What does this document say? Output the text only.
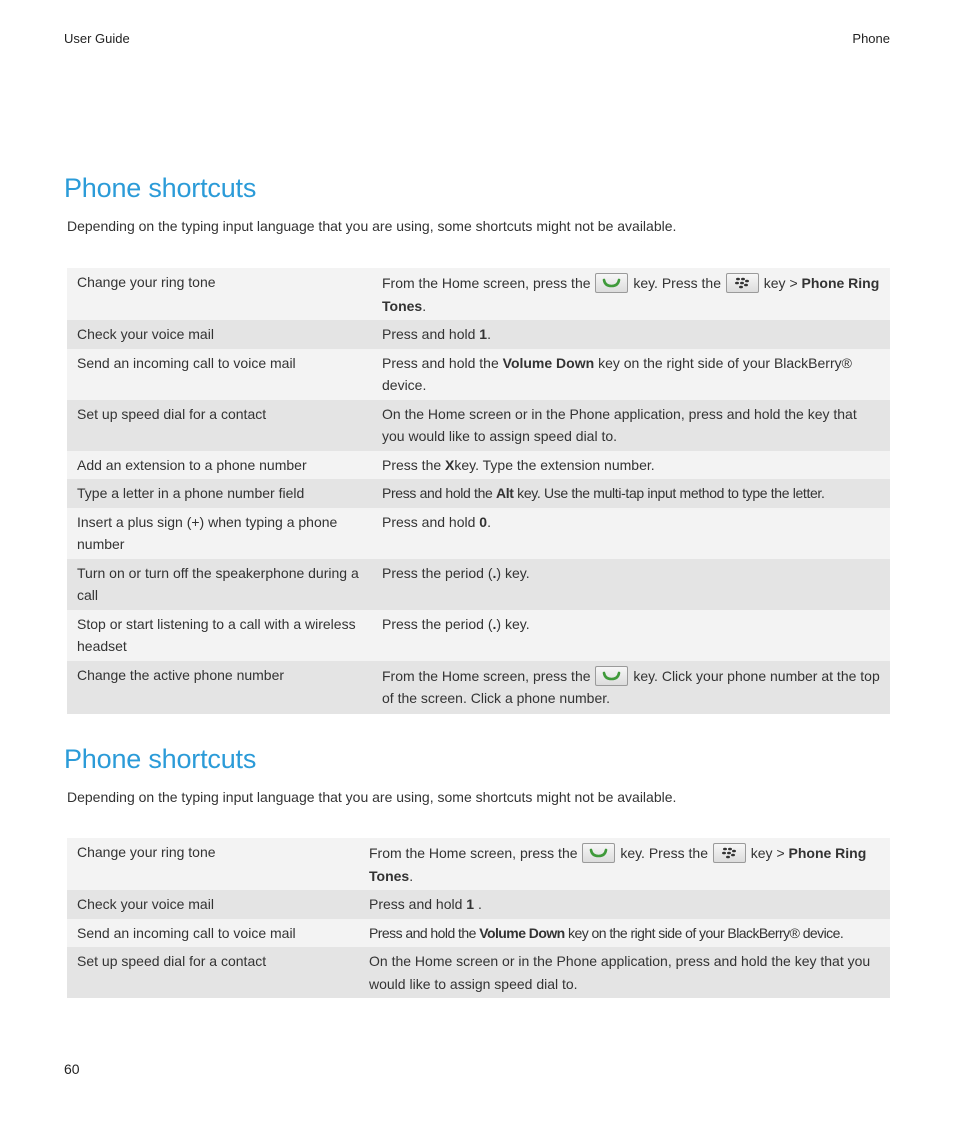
User Guide	Phone
Phone shortcuts

Depending on the typing input language that you are using, some shortcuts might not be available.

Change your ring tone	From the Home screen, press the key. Press the key > Phone Ring Tones.
Check your voice mail	Press and hold 1.
Send an incoming call to voice mail	Press and hold the Volume Down key on the right side of your BlackBerry® device.
Set up speed dial for a contact	On the Home screen or in the Phone application, press and hold the key that you would like to assign speed dial to.
Add an extension to a phone number	Press the Xkey. Type the extension number.
Type a letter in a phone number field	Press and hold the Alt key. Use the multi-tap input method to type the letter.
Insert a plus sign (+) when typing a phone number	Press and hold 0.
Turn on or turn off the speakerphone during a call	Press the period (.) key.
Stop or start listening to a call with a wireless headset	Press the period (.) key.
Change the active phone number	From the Home screen, press the key. Click your phone number at the top of the screen. Click a phone number.
Phone shortcuts

Depending on the typing input language that you are using, some shortcuts might not be available.

Change your ring tone	From the Home screen, press the key. Press the key > Phone Ring Tones.
Check your voice mail	Press and hold 1 .
Send an incoming call to voice mail	Press and hold the Volume Down key on the right side of your BlackBerry® device.
Set up speed dial for a contact	On the Home screen or in the Phone application, press and hold the key that you would like to assign speed dial to.
60
